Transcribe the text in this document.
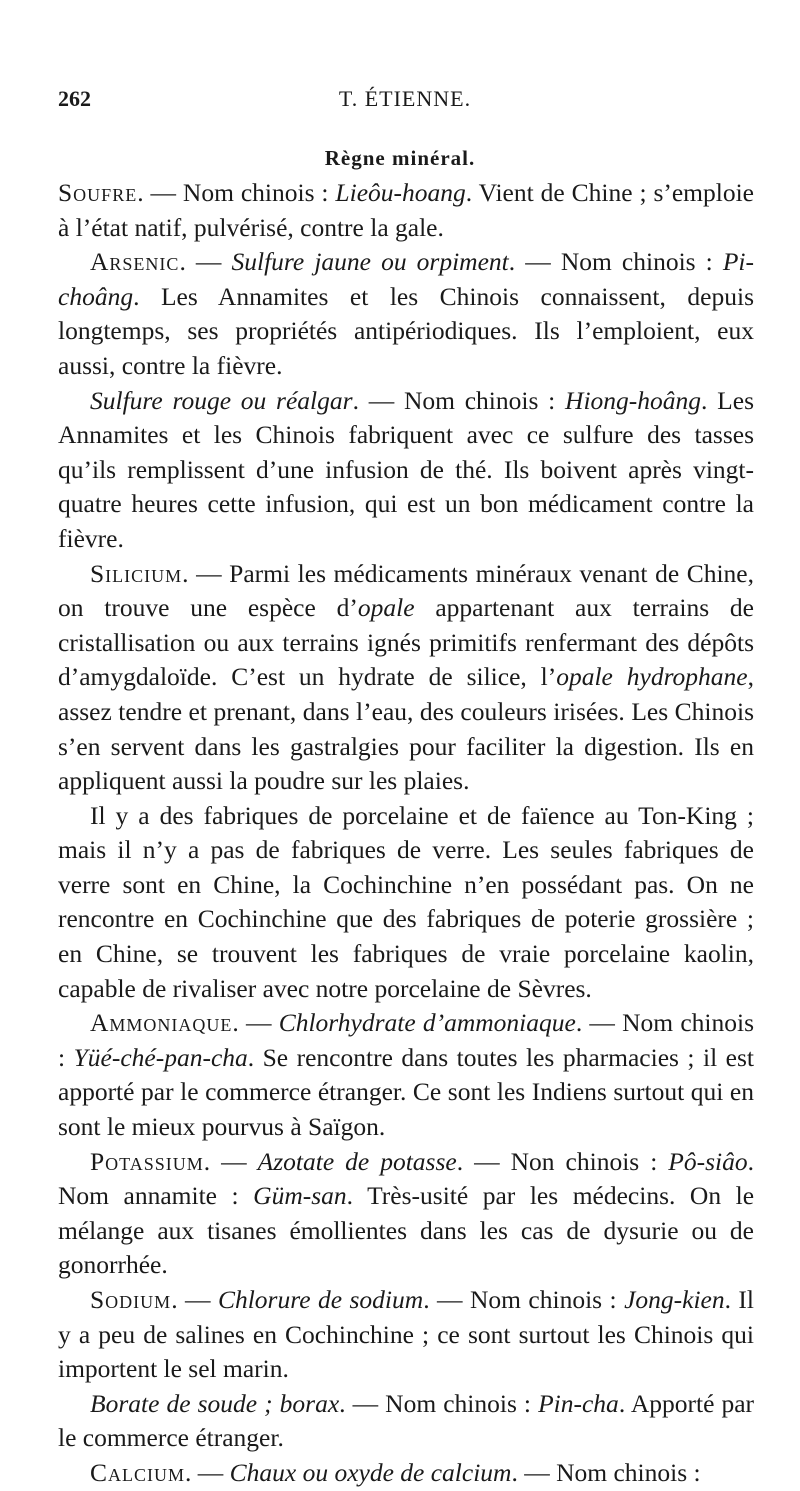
262	T. ÉTIENNE.
Règne minéral.

Soufre. — Nom chinois : Lieôu-hoang. Vient de Chine ; s’emploie à l’état natif, pulvérisé, contre la gale.

Arsenic. — Sulfure jaune ou orpiment. — Nom chinois : Pi-choâng. Les Annamites et les Chinois connaissent, depuis longtemps, ses propriétés antipériodiques. Ils l’emploient, eux aussi, contre la fièvre.

Sulfure rouge ou réalgar. — Nom chinois : Hiong-hoâng. Les Annamites et les Chinois fabriquent avec ce sulfure des tasses qu’ils remplissent d’une infusion de thé. Ils boivent après vingt-quatre heures cette infusion, qui est un bon médicament contre la fièvre.

Silicium. — Parmi les médicaments minéraux venant de Chine, on trouve une espèce d’opale appartenant aux terrains de cristallisation ou aux terrains ignés primitifs renfermant des dépôts d’amygdaloïde. C’est un hydrate de silice, l’opale hydrophane, assez tendre et prenant, dans l’eau, des couleurs irisées. Les Chinois s’en servent dans les gastralgies pour faciliter la digestion. Ils en appliquent aussi la poudre sur les plaies.

Il y a des fabriques de porcelaine et de faïence au Ton-King ; mais il n’y a pas de fabriques de verre. Les seules fabriques de verre sont en Chine, la Cochinchine n’en possédant pas. On ne rencontre en Cochinchine que des fabriques de poterie grossière ; en Chine, se trouvent les fabriques de vraie porcelaine kaolin, capable de rivaliser avec notre porcelaine de Sèvres.

Ammoniaque. — Chlorhydrate d’ammoniaque. — Nom chinois : Yüé-ché-pan-cha. Se rencontre dans toutes les pharmacies ; il est apporté par le commerce étranger. Ce sont les Indiens surtout qui en sont le mieux pourvus à Saïgon.

Potassium. — Azotate de potasse. — Non chinois : Pô-siâo. Nom annamite : Güm-san. Très-usité par les médecins. On le mélange aux tisanes émollientes dans les cas de dysurie ou de gonorrhée.

Sodium. — Chlorure de sodium. — Nom chinois : Jong-kien. Il y a peu de salines en Cochinchine ; ce sont surtout les Chinois qui importent le sel marin.

Borate de soude ; borax. — Nom chinois : Pin-cha. Apporté par le commerce étranger.

Calcium. — Chaux ou oxyde de calcium. — Nom chinois :
